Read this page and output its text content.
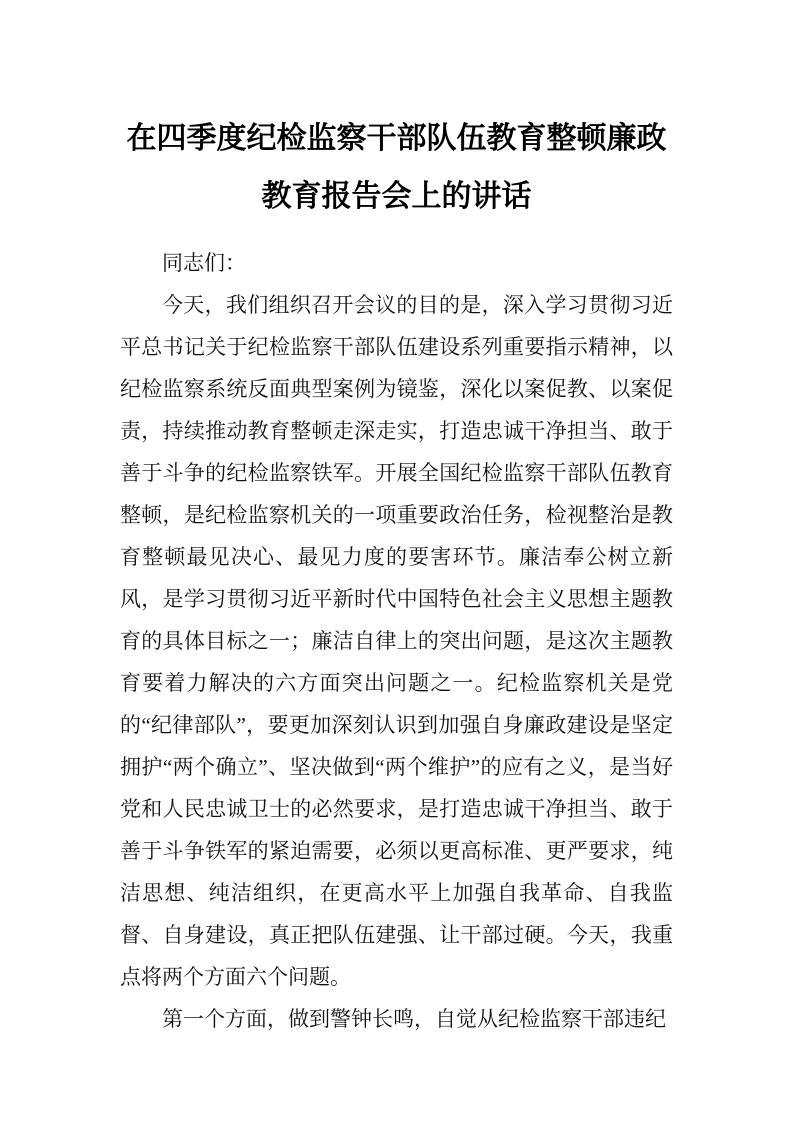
在四季度纪检监察干部队伍教育整顿廉政教育报告会上的讲话

同志们：

今天，我们组织召开会议的目的是，深入学习贯彻习近平总书记关于纪检监察干部队伍建设系列重要指示精神，以纪检监察系统反面典型案例为镜鉴，深化以案促教、以案促责，持续推动教育整顿走深走实，打造忠诚干净担当、敢于善于斗争的纪检监察铁军。开展全国纪检监察干部队伍教育整顿，是纪检监察机关的一项重要政治任务，检视整治是教育整顿最见决心、最见力度的要害环节。廉洁奉公树立新风，是学习贯彻习近平新时代中国特色社会主义思想主题教育的具体目标之一；廉洁自律上的突出问题，是这次主题教育要着力解决的六方面突出问题之一。纪检监察机关是党的“纪律部队”，要更加深刻认识到加强自身廉政建设是坚定拥护“两个确立”、坚决做到“两个维护”的应有之义，是当好党和人民忠诚卫士的必然要求，是打造忠诚干净担当、敢于善于斗争铁军的紧迫需要，必须以更高标准、更严要求，纯洁思想、纯洁组织，在更高水平上加强自我革命、自我监督、自身建设，真正把队伍建强、让干部过硬。今天，我重点将两个方面六个问题。

第一个方面，做到警钟长鸣，自觉从纪检监察干部违纪
